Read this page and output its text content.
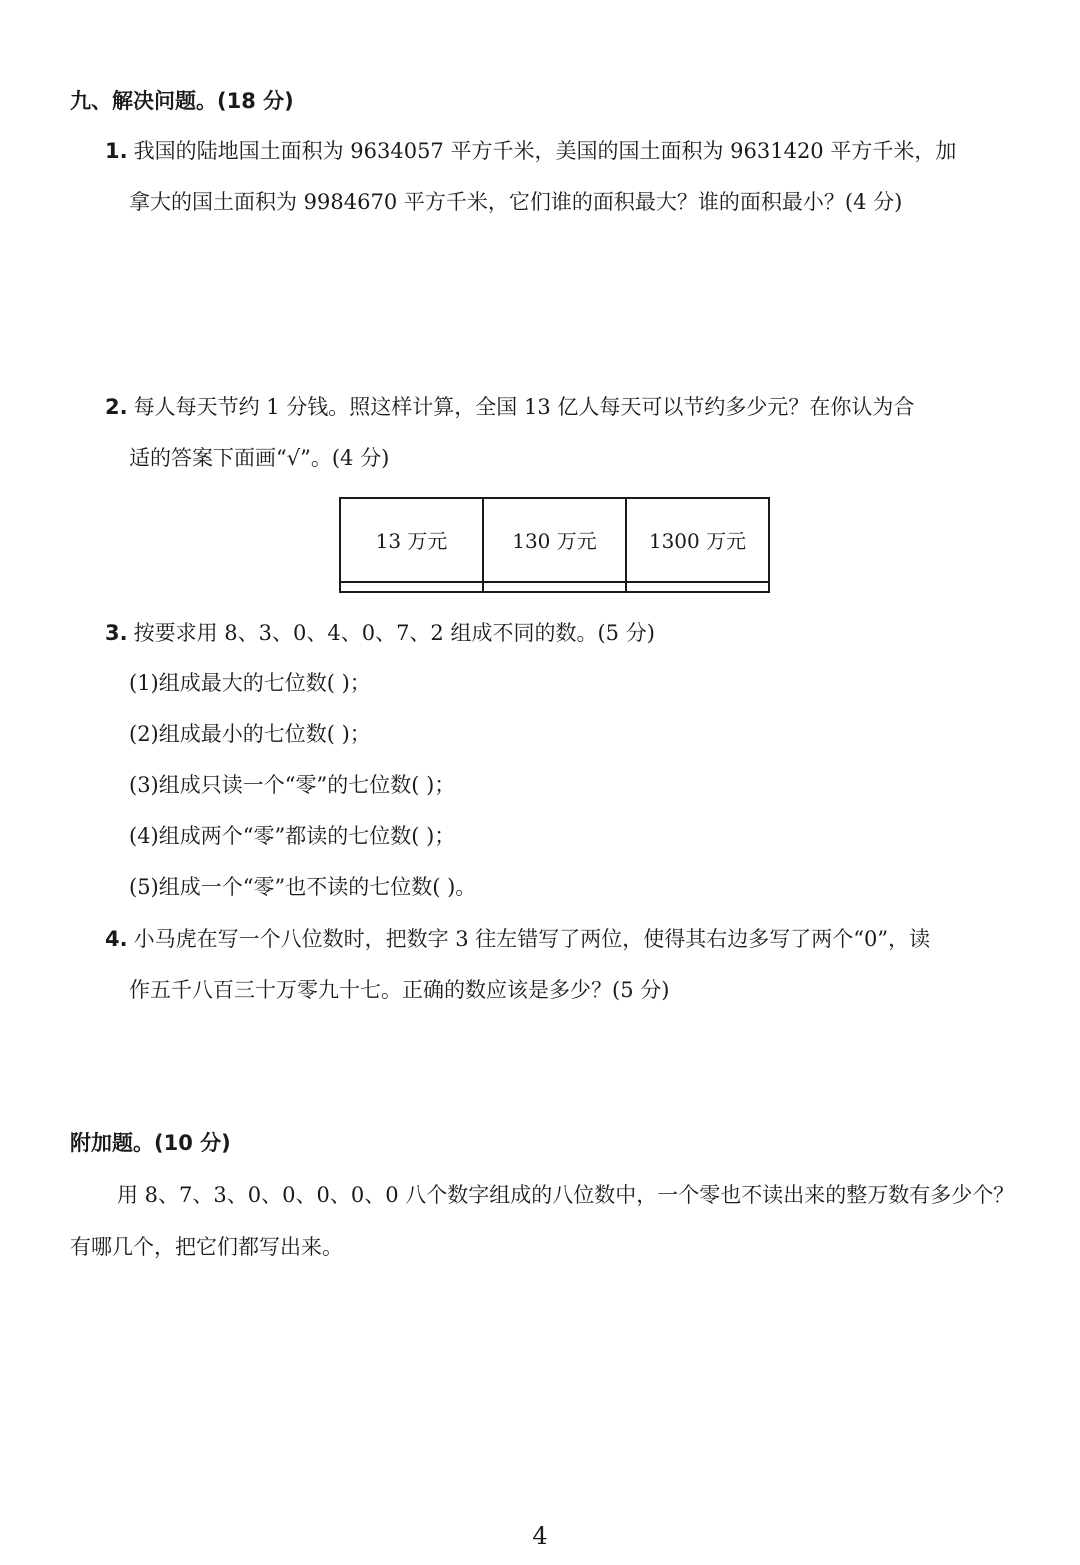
九、解决问题。(18 分)
1. 我国的陆地国土面积为 9634057 平方千米，美国的国土面积为 9631420 平方千米，加
拿大的国土面积为 9984670 平方千米，它们谁的面积最大？谁的面积最小？(4 分)
2. 每人每天节约 1 分钱。照这样计算，全国 13 亿人每天可以节约多少元？在你认为合
适的答案下面画“√”。(4 分)
13 万元	130 万元	1300 万元

3. 按要求用 8、3、0、4、0、7、2 组成不同的数。(5 分)
(1)组成最大的七位数( )；
(2)组成最小的七位数( )；
(3)组成只读一个“零”的七位数( )；
(4)组成两个“零”都读的七位数( )；
(5)组成一个“零”也不读的七位数( )。
4. 小马虎在写一个八位数时，把数字 3 往左错写了两位，使得其右边多写了两个“0”，读
作五千八百三十万零九十七。正确的数应该是多少？(5 分)
附加题。(10 分)
用 8、7、3、0、0、0、0、0 八个数字组成的八位数中，一个零也不读出来的整万数有多少个？
有哪几个，把它们都写出来。
4
